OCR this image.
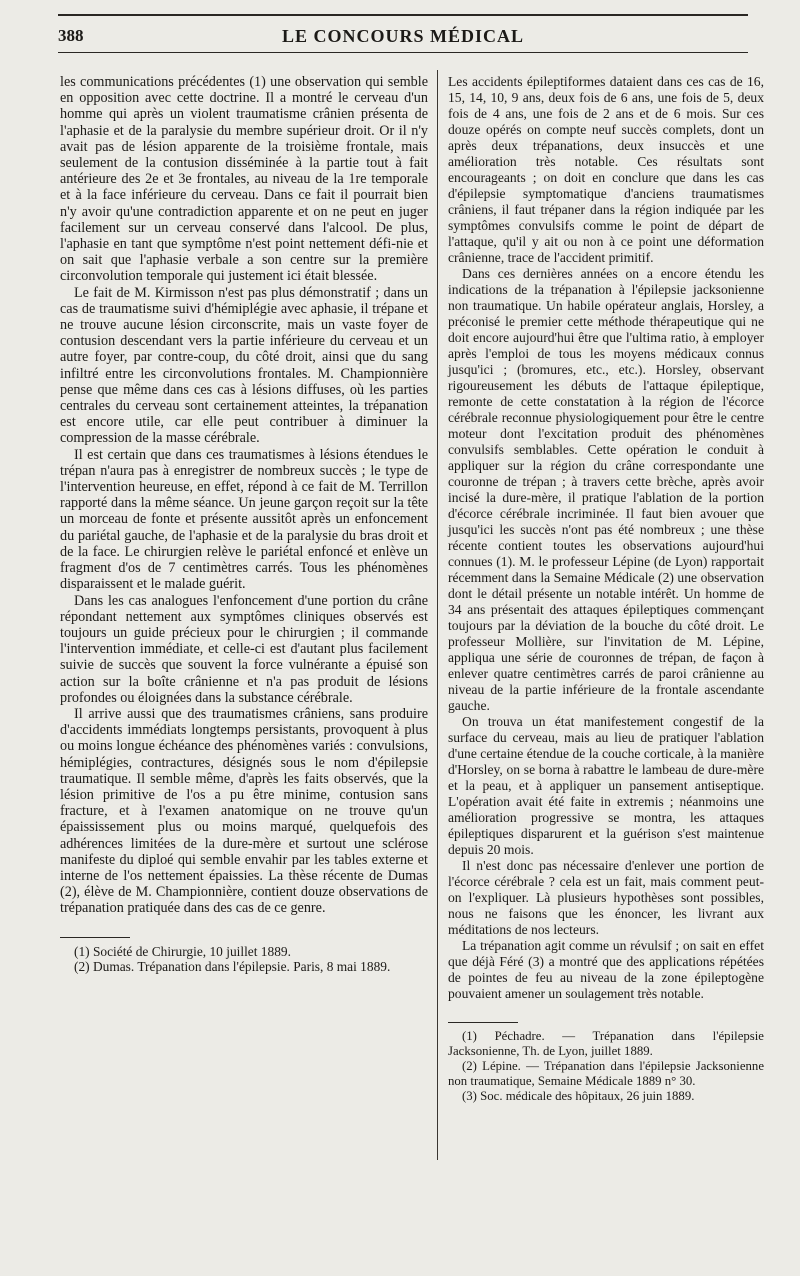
388	LE CONCOURS MÉDICAL

les communications précédentes (1) une observation qui semble en opposition avec cette doctrine. Il a montré le cerveau d'un homme qui après un violent traumatisme crânien présenta de l'aphasie et de la paralysie du membre supérieur droit. Or il n'y avait pas de lésion apparente de la troisième frontale, mais seulement de la contusion disséminée à la partie tout à fait antérieure des 2e et 3e frontales, au niveau de la 1re temporale et à la face inférieure du cerveau. Dans ce fait il pourrait bien n'y avoir qu'une contradiction apparente et on ne peut en juger facilement sur un cerveau conservé dans l'alcool. De plus, l'aphasie en tant que symptôme n'est point nettement défi-nie et on sait que l'aphasie verbale a son centre sur la première circonvolution temporale qui justement ici était blessée.

Le fait de M. Kirmisson n'est pas plus démonstratif ; dans un cas de traumatisme suivi d'hémiplégie avec aphasie, il trépane et ne trouve aucune lésion circonscrite, mais un vaste foyer de contusion descendant vers la partie inférieure du cerveau et un autre foyer, par contre-coup, du côté droit, ainsi que du sang infiltré entre les circonvolutions frontales. M. Championnière pense que même dans ces cas à lésions diffuses, où les parties centrales du cerveau sont certainement atteintes, la trépanation est encore utile, car elle peut contribuer à diminuer la compression de la masse cérébrale.

Il est certain que dans ces traumatismes à lésions étendues le trépan n'aura pas à enregistrer de nombreux succès ; le type de l'intervention heureuse, en effet, répond à ce fait de M. Terrillon rapporté dans la même séance. Un jeune garçon reçoit sur la tête un morceau de fonte et présente aussitôt après un enfoncement du pariétal gauche, de l'aphasie et de la paralysie du bras droit et de la face. Le chirurgien relève le pariétal enfoncé et enlève un fragment d'os de 7 centimètres carrés. Tous les phénomènes disparaissent et le malade guérit.

Dans les cas analogues l'enfoncement d'une portion du crâne répondant nettement aux symptômes cliniques observés est toujours un guide précieux pour le chirurgien ; il commande l'intervention immédiate, et celle-ci est d'autant plus facilement suivie de succès que souvent la force vulnérante a épuisé son action sur la boîte crânienne et n'a pas produit de lésions profondes ou éloignées dans la substance cérébrale.

Il arrive aussi que des traumatismes crâniens, sans produire d'accidents immédiats longtemps persistants, provoquent à plus ou moins longue échéance des phénomènes variés : convulsions, hémiplégies, contractures, désignés sous le nom d'épilepsie traumatique. Il semble même, d'après les faits observés, que la lésion primitive de l'os a pu être minime, contusion sans fracture, et à l'examen anatomique on ne trouve qu'un épaississement plus ou moins marqué, quelquefois des adhérences limitées de la dure-mère et surtout une sclérose manifeste du diploé qui semble envahir par les tables externe et interne de l'os nettement épaissies. La thèse récente de Dumas (2), élève de M. Championnière, contient douze observations de trépanation pratiquée dans des cas de ce genre.

(1) Société de Chirurgie, 10 juillet 1889.

(2) Dumas. Trépanation dans l'épilepsie. Paris, 8 mai 1889.

Les accidents épileptiformes dataient dans ces cas de 16, 15, 14, 10, 9 ans, deux fois de 6 ans, une fois de 5, deux fois de 4 ans, une fois de 2 ans et de 6 mois. Sur ces douze opérés on compte neuf succès complets, dont un après deux trépanations, deux insuccès et une amélioration très notable. Ces résultats sont encourageants ; on doit en conclure que dans les cas d'épilepsie symptomatique d'anciens traumatismes crâniens, il faut trépaner dans la région indiquée par les symptômes convulsifs comme le point de départ de l'attaque, qu'il y ait ou non à ce point une déformation crânienne, trace de l'accident primitif.

Dans ces dernières années on a encore étendu les indications de la trépanation à l'épilepsie jacksonienne non traumatique. Un habile opérateur anglais, Horsley, a préconisé le premier cette méthode thérapeutique qui ne doit encore aujourd'hui être que l'ultima ratio, à employer après l'emploi de tous les moyens médicaux connus jusqu'ici ; (bromures, etc., etc.). Horsley, observant rigoureusement les débuts de l'attaque épileptique, remonte de cette constatation à la région de l'écorce cérébrale reconnue physiologiquement pour être le centre moteur dont l'excitation produit des phénomènes convulsifs semblables. Cette opération le conduit à appliquer sur la région du crâne correspondante une couronne de trépan ; à travers cette brèche, après avoir incisé la dure-mère, il pratique l'ablation de la portion d'écorce cérébrale incriminée. Il faut bien avouer que jusqu'ici les succès n'ont pas été nombreux ; une thèse récente contient toutes les observations aujourd'hui connues (1). M. le professeur Lépine (de Lyon) rapportait récemment dans la Semaine Médicale (2) une observation dont le détail présente un notable intérêt. Un homme de 34 ans présentait des attaques épileptiques commençant toujours par la déviation de la bouche du côté droit. Le professeur Mollière, sur l'invitation de M. Lépine, appliqua une série de couronnes de trépan, de façon à enlever quatre centimètres carrés de paroi crânienne au niveau de la partie inférieure de la frontale ascendante gauche.

On trouva un état manifestement congestif de la surface du cerveau, mais au lieu de pratiquer l'ablation d'une certaine étendue de la couche corticale, à la manière d'Horsley, on se borna à rabattre le lambeau de dure-mère et la peau, et à appliquer un pansement antiseptique. L'opération avait été faite in extremis ; néanmoins une amélioration progressive se montra, les attaques épileptiques disparurent et la guérison s'est maintenue depuis 20 mois.

Il n'est donc pas nécessaire d'enlever une portion de l'écorce cérébrale ? cela est un fait, mais comment peut-on l'expliquer. Là plusieurs hypothèses sont possibles, nous ne faisons que les énoncer, les livrant aux méditations de nos lecteurs.

La trépanation agit comme un révulsif ; on sait en effet que déjà Féré (3) a montré que des applications répétées de pointes de feu au niveau de la zone épileptogène pouvaient amener un soulagement très notable.

(1) Péchadre. — Trépanation dans l'épilepsie Jacksonienne, Th. de Lyon, juillet 1889.

(2) Lépine. — Trépanation dans l'épilepsie Jacksonienne non traumatique, Semaine Médicale 1889 n° 30.

(3) Soc. médicale des hôpitaux, 26 juin 1889.
